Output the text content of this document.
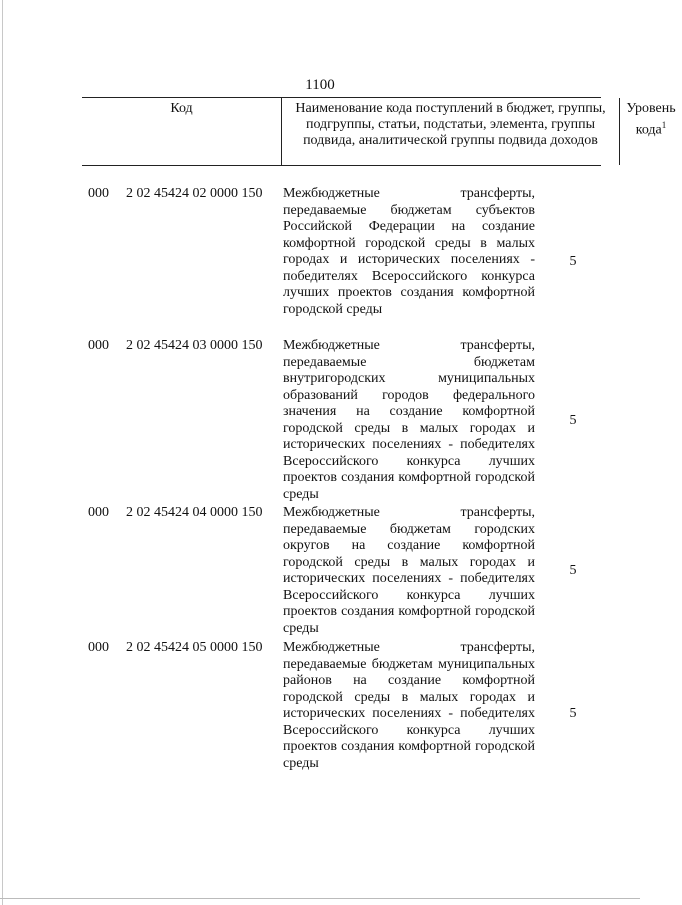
1100
Код	Наименование кода поступлений в бюджет, группы, подгруппы, статьи, подстатьи, элемента, группы подвида, аналитической группы подвида доходов
Уровень кода$^1$
000 2 02 45424 02 0000 150 Межбюджетные трансферты, передаваемые бюджетам субъектов Российской Федерации на создание комфортной городской среды в малых городах и исторических поселениях - победителях Всероссийского конкурса лучших проектов создания комфортной городской среды
5
000 2 02 45424 03 0000 150 Межбюджетные трансферты, передаваемые бюджетам внутригородских муниципальных образований городов федерального значения на создание комфортной городской среды в малых городах и исторических поселениях - победителях Всероссийского конкурса лучших проектов создания комфортной городской среды
5
000 2 02 45424 04 0000 150 Межбюджетные трансферты, передаваемые бюджетам городских округов на создание комфортной городской среды в малых городах и исторических поселениях - победителях Всероссийского конкурса лучших проектов создания комфортной городской среды
5
000 2 02 45424 05 0000 150 Межбюджетные трансферты, передаваемые бюджетам муниципальных районов на создание комфортной городской среды в малых городах и исторических поселениях - победителях Всероссийского конкурса лучших проектов создания комфортной городской среды
5
